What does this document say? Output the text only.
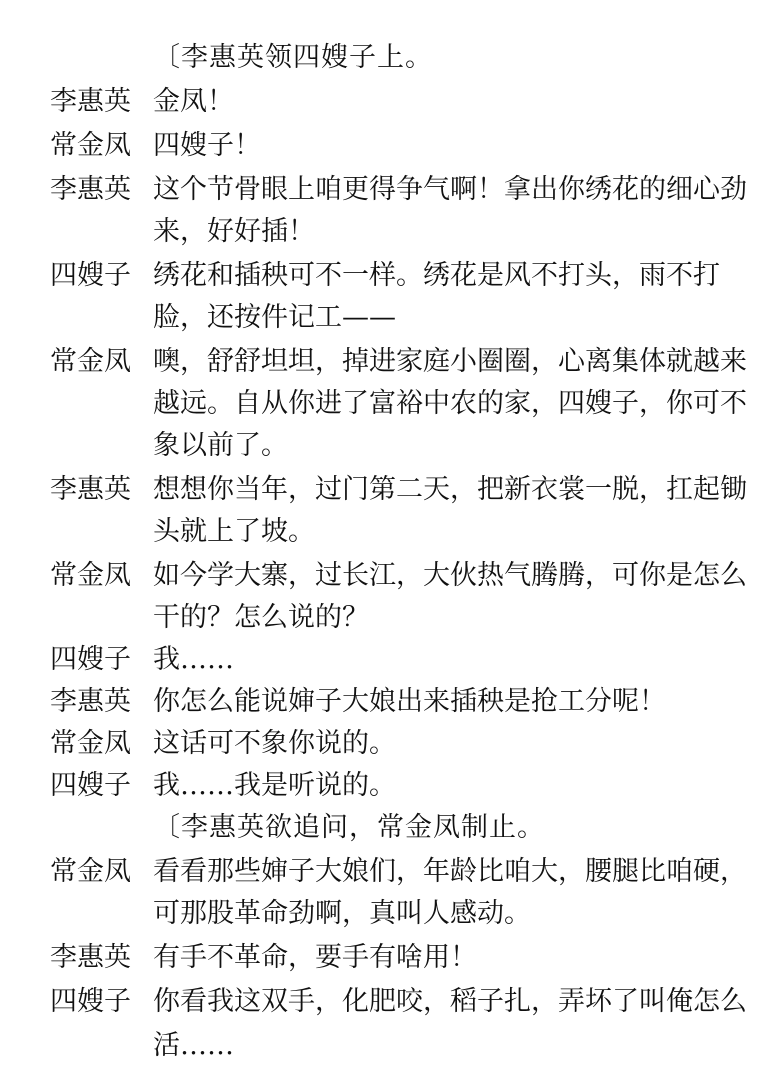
〔李惠英领四嫂子上。
李惠英 金凤！
常金凤 四嫂子！
李惠英 这个节骨眼上咱更得争气啊！拿出你绣花的细心劲
来，好好插！
四嫂子 绣花和插秧可不一样。绣花是风不打头，雨不打
脸，还按件记工——
常金凤 噢，舒舒坦坦，掉进家庭小圈圈，心离集体就越来
越远。自从你进了富裕中农的家，四嫂子，你可不
象以前了。
李惠英 想想你当年，过门第二天，把新衣裳一脱，扛起锄
头就上了坡。
常金凤 如今学大寨，过长江，大伙热气腾腾，可你是怎么
干的？怎么说的？
四嫂子 我……
李惠英 你怎么能说婶子大娘出来插秧是抢工分呢！
常金凤 这话可不象你说的。
四嫂子 我……我是听说的。
〔李惠英欲追问，常金凤制止。
常金凤 看看那些婶子大娘们，年龄比咱大，腰腿比咱硬，
可那股革命劲啊，真叫人感动。
李惠英 有手不革命，要手有啥用！
四嫂子 你看我这双手，化肥咬，稻子扎，弄坏了叫俺怎么
活……
